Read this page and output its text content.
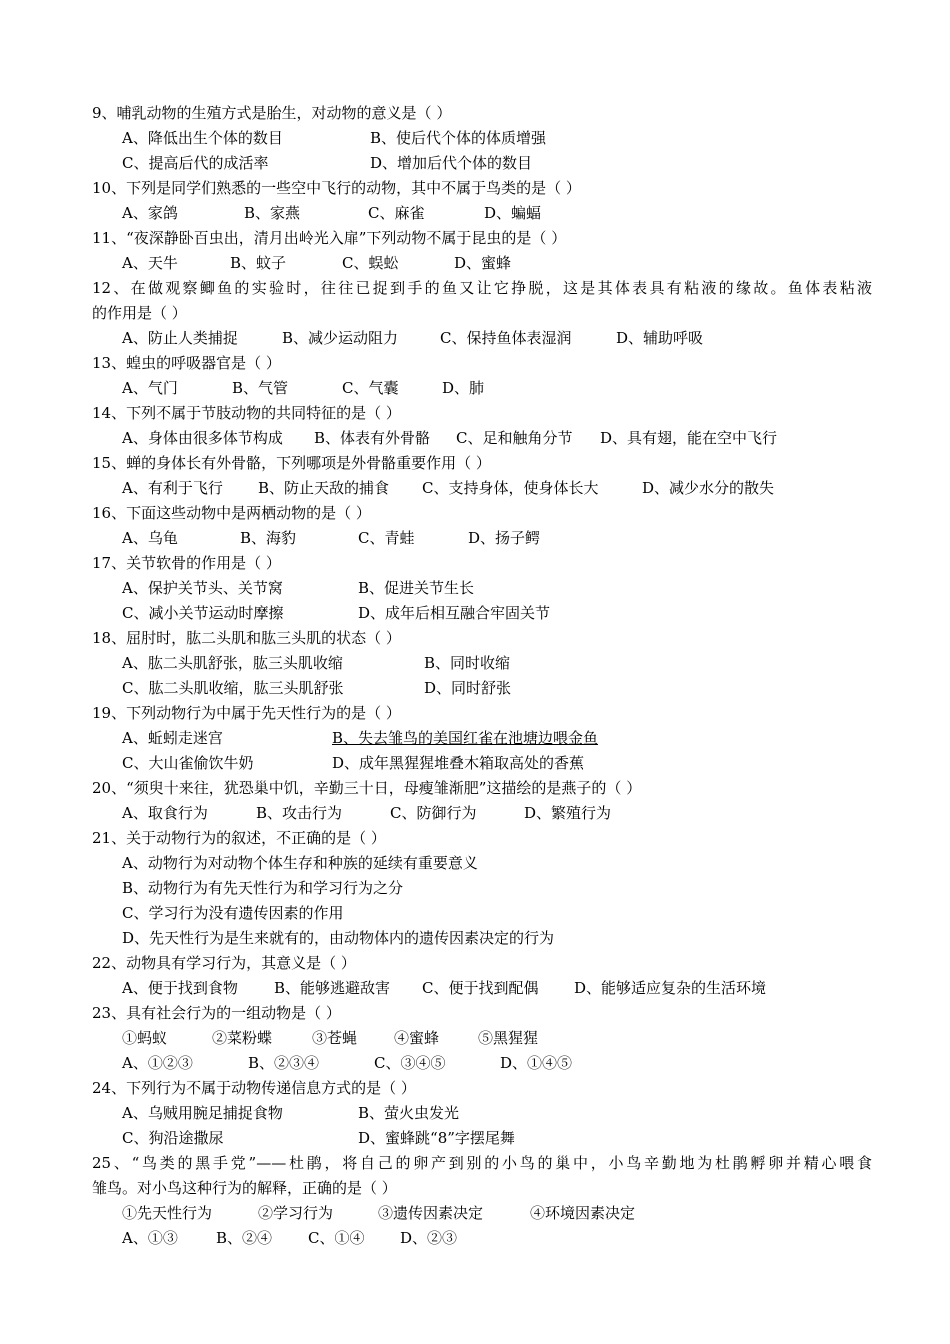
9、哺乳动物的生殖方式是胎生，对动物的意义是（ ）
A、降低出生个体的数目	B、使后代个体的体质增强
C、提高后代的成活率	D、增加后代个体的数目
10、下列是同学们熟悉的一些空中飞行的动物，其中不属于鸟类的是（ ）
A、家鸽	B、家燕	C、麻雀	D、蝙蝠
11、“夜深静卧百虫出，清月出岭光入扉”下列动物不属于昆虫的是（ ）
A、天牛	B、蚊子	C、蜈蚣	D、蜜蜂
12、在做观察鲫鱼的实验时，往往已捉到手的鱼又让它挣脱，这是其体表具有粘液的缘故。鱼体表粘液
的作用是（ ）
A、防止人类捕捉	B、减少运动阻力	C、保持鱼体表湿润	D、辅助呼吸
13、蝗虫的呼吸器官是（ ）
A、气门	B、气管	C、气囊	D、肺
14、下列不属于节肢动物的共同特征的是（ ）
A、身体由很多体节构成 B、体表有外骨骼 C、足和触角分节 D、具有翅，能在空中飞行
15、蝉的身体长有外骨骼，下列哪项是外骨骼重要作用（ ）
A、有利于飞行 B、防止天敌的捕食 C、支持身体，使身体长大	D、减少水分的散失
16、下面这些动物中是两栖动物的是（ ）
A、乌龟	B、海豹	C、青蛙	D、扬子鳄
17、关节软骨的作用是（ ）
A、保护关节头、关节窝	B、促进关节生长
C、减小关节运动时摩擦	D、成年后相互融合牢固关节
18、屈肘时，肱二头肌和肱三头肌的状态（ ）
A、肱二头肌舒张，肱三头肌收缩	B、同时收缩
C、肱二头肌收缩，肱三头肌舒张	D、同时舒张
19、下列动物行为中属于先天性行为的是（ ）
A、蚯蚓走迷宫	B、失去雏鸟的美国红雀在池塘边喂金鱼
C、大山雀偷饮牛奶	D、成年黑猩猩堆叠木箱取高处的香蕉
20、“须臾十来往，犹恐巢中饥，辛勤三十日，母瘦雏渐肥”这描绘的是燕子的（ ）
A、取食行为	B、攻击行为	C、防御行为	D、繁殖行为
21、关于动物行为的叙述，不正确的是（ ）
A、动物行为对动物个体生存和种族的延续有重要意义
B、动物行为有先天性行为和学习行为之分
C、学习行为没有遗传因素的作用
D、先天性行为是生来就有的，由动物体内的遗传因素决定的行为
22、动物具有学习行为，其意义是（ ）
A、便于找到食物 B、能够逃避敌害 C、便于找到配偶 D、能够适应复杂的生活环境
23、具有社会行为的一组动物是（ ）
①蚂蚁	②菜粉蝶	③苍蝇 ④蜜蜂	⑤黑猩猩
A、①②③	B、②③④	C、③④⑤	D、①④⑤
24、下列行为不属于动物传递信息方式的是（ ）
A、乌贼用腕足捕捉食物	B、萤火虫发光
C、狗沿途撒尿	D、蜜蜂跳“8”字摆尾舞
25、“鸟类的黑手党”——杜鹃，将自己的卵产到别的小鸟的巢中，小鸟辛勤地为杜鹃孵卵并精心喂食
雏鸟。对小鸟这种行为的解释，正确的是（ ）
①先天性行为	②学习行为	③遗传因素决定	④环境因素决定
A、①③	B、②④ C、①④ D、②③
